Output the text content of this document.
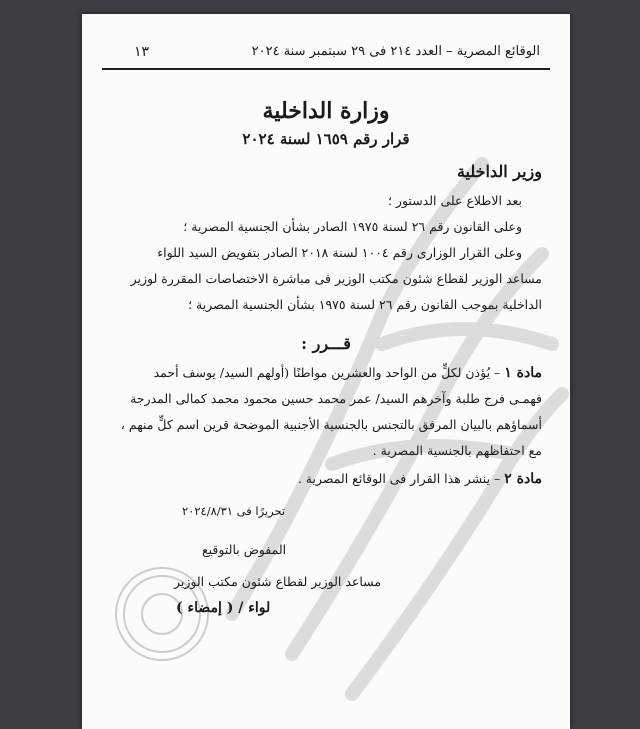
الوقائع المصرية – العدد ٢١٤ فى ٢٩ سبتمبر سنة ٢٠٢٤
١٣
وزارة الداخلية
قرار رقم ١٦٥٩ لسنة ٢٠٢٤
وزير الداخلية
بعد الاطلاع على الدستور ؛
وعلى القانون رقم ٢٦ لسنة ١٩٧٥ الصادر بشأن الجنسية المصرية ؛
وعلى القرار الوزارى رقم ١٠٠٤ لسنة ٢٠١٨ الصادر بتفويض السيد اللواء
مساعد الوزير لقطاع شئون مكتب الوزير فى مباشرة الاختصاصات المقررة لوزير
الداخلية بموجب القانون رقم ٢٦ لسنة ١٩٧٥ بشأن الجنسية المصرية ؛
قـــرر :
مادة ١ – يُؤذن لكلٍّ من الواحد والعشرين مواطنًا (أولهم السيد/ يوسف أحمد
فهمـى فرج طلبة وآخرهم السيد/ عمر محمد حسين محمود محمد كمالى المدرجة
أسماؤهم بالبيان المرفق بالتجنس بالجنسية الأجنبية الموضحة قرين اسم كلٍّ منهم ،
مع احتفاظهم بالجنسية المصرية .
مادة ٢ – ينشر هذا القرار فى الوقائع المصرية .
تحريرًا فى ٢٠٢٤/٨/٣١
المفوض بالتوقيع
مساعد الوزير لقطاع شئون مكتب الوزير
لواء / ( إمضاء )
